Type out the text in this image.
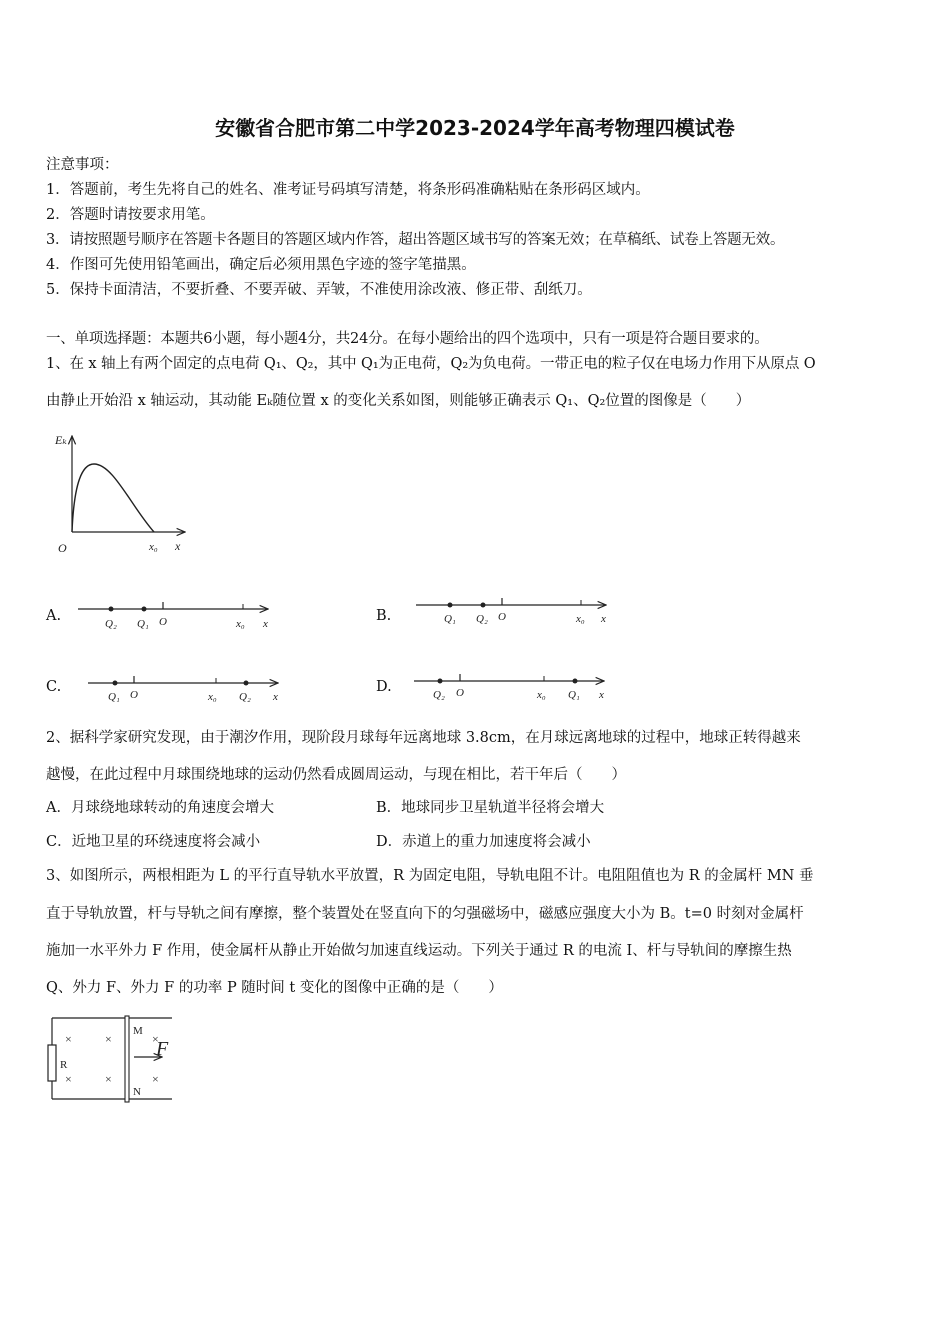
安徽省合肥市第二中学2023-2024学年高考物理四模试卷
注意事项：
1．答题前，考生先将自己的姓名、准考证号码填写清楚，将条形码准确粘贴在条形码区域内。
2．答题时请按要求用笔。
3．请按照题号顺序在答题卡各题目的答题区域内作答，超出答题区域书写的答案无效；在草稿纸、试卷上答题无效。
4．作图可先使用铅笔画出，确定后必须用黑色字迹的签字笔描黑。
5．保持卡面清洁，不要折叠、不要弄破、弄皱，不准使用涂改液、修正带、刮纸刀。
一、单项选择题：本题共6小题，每小题4分，共24分。在每小题给出的四个选项中，只有一项是符合题目要求的。
1、在 x 轴上有两个固定的点电荷 Q₁、Q₂，其中 Q₁为正电荷，Q₂为负电荷。一带正电的粒子仅在电场力作用下从原点 O
由静止开始沿 x 轴运动，其动能 Eₖ随位置 x 的变化关系如图，则能够正确表示 Q₁、Q₂位置的图像是（　　）
Eₖ
O	x₀ x
A.	Q₂ Q₁ O	x₀ x	B.	Q₁ Q₂ O	x₀ x
C.
Q₁ O	x₀ Q₂ x
D.	Q₂ O	x₀ Q₁ x
2、据科学家研究发现，由于潮汐作用，现阶段月球每年远离地球 3.8cm，在月球远离地球的过程中，地球正转得越来
越慢，在此过程中月球围绕地球的运动仍然看成圆周运动，与现在相比，若干年后（　　）
A．月球绕地球转动的角速度会增大	B．地球同步卫星轨道半径将会增大
C．近地卫星的环绕速度将会减小	D．赤道上的重力加速度将会减小
3、如图所示，两根相距为 L 的平行直导轨水平放置，R 为固定电阻，导轨电阻不计。电阻阻值也为 R 的金属杆 MN 垂
直于导轨放置，杆与导轨之间有摩擦，整个装置处在竖直向下的匀强磁场中，磁感应强度大小为 B。t=0 时刻对金属杆
施加一水平外力 F 作用，使金属杆从静止开始做匀加速直线运动。下列关于通过 R 的电流 I、杆与导轨间的摩擦生热
Q、外力 F、外力 F 的功率 P 随时间 t 变化的图像中正确的是（　　）
R
M
N
F
×	×	×
×	×	×
